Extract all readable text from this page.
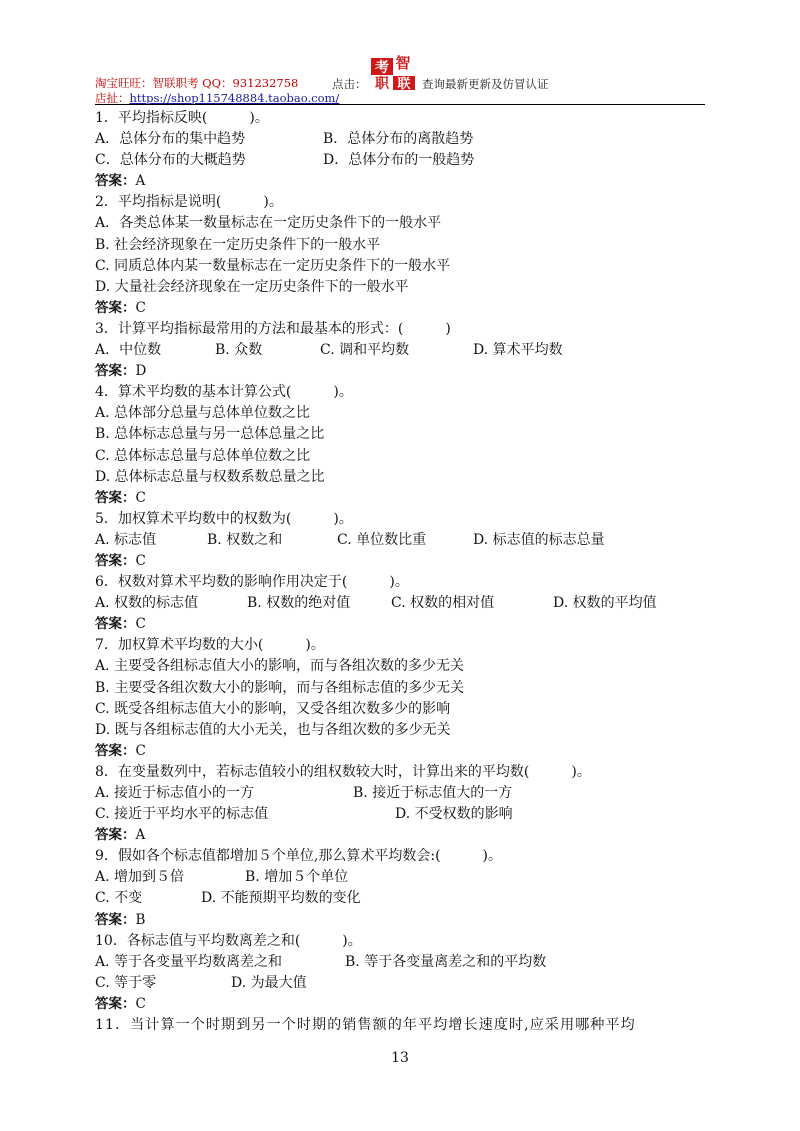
淘宝旺旺：智联职考 QQ：931232758
店扯：https://shop115748884.taobao.com/
点击：
考 智
职 联 查询最新更新及仿冒认证
1．平均指标反映(　　　)。
A．总体分布的集中趋势	B．总体分布的离散趋势
C．总体分布的大概趋势	D．总体分布的一般趋势
答案：A
2．平均指标是说明(　　　)。
A．各类总体某一数量标志在一定历史条件下的一般水平
B. 社会经济现象在一定历史条件下的一般水平
C. 同质总体内某一数量标志在一定历史条件下的一般水平
D. 大量社会经济现象在一定历史条件下的一般水平
答案：C
3．计算平均指标最常用的方法和最基本的形式：(　　　)
A．中位数	B. 众数	C. 调和平均数	D. 算术平均数
答案：D
4．算术平均数的基本计算公式(　　　)。
A. 总体部分总量与总体单位数之比
B. 总体标志总量与另一总体总量之比
C. 总体标志总量与总体单位数之比
D. 总体标志总量与权数系数总量之比
答案：C
5．加权算术平均数中的权数为(　　　)。
A. 标志值	B. 权数之和	C. 单位数比重	D. 标志值的标志总量
答案：C
6．权数对算术平均数的影响作用决定于(　　　)。
A. 权数的标志值	B. 权数的绝对值	C. 权数的相对值	D. 权数的平均值
答案：C
7．加权算术平均数的大小(　　　)。
A. 主要受各组标志值大小的影响，而与各组次数的多少无关
B. 主要受各组次数大小的影响，而与各组标志值的多少无关
C. 既受各组标志值大小的影响，又受各组次数多少的影响
D. 既与各组标志值的大小无关，也与各组次数的多少无关
答案：C
8．在变量数列中，若标志值较小的组权数较大时，计算出来的平均数(　　　)。
A. 接近于标志值小的一方	B. 接近于标志值大的一方
C. 接近于平均水平的标志值	D. 不受权数的影响
答案：A
9．假如各个标志值都增加５个单位,那么算术平均数会:(　　　)。
A. 增加到５倍	B. 增加５个单位
C. 不变	D. 不能预期平均数的变化
答案：B
10．各标志值与平均数离差之和(　　　)。
A. 等于各变量平均数离差之和	B. 等于各变量离差之和的平均数
C. 等于零	D. 为最大值
答案：C
11．当计算一个时期到另一个时期的销售额的年平均增长速度时,应采用哪种平均
13
